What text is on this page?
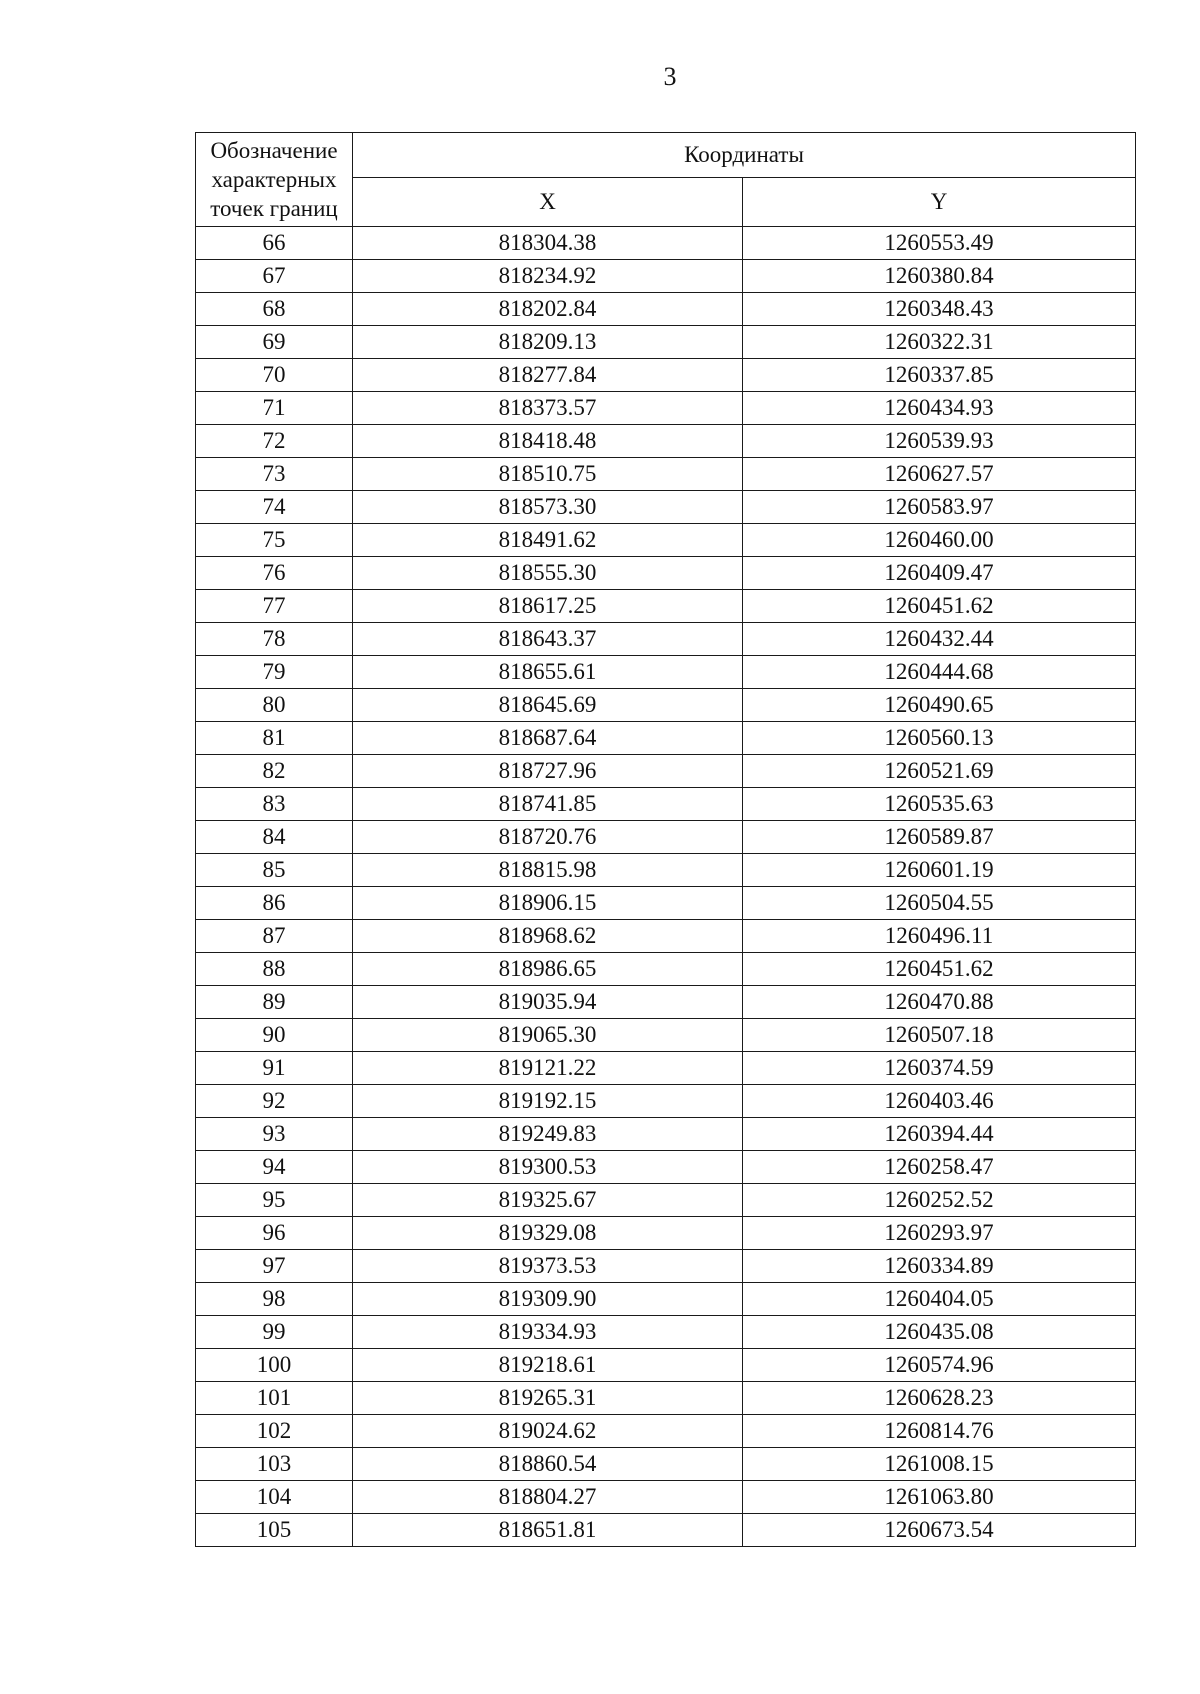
3
Обозначение характерных точек границ	Координаты	
	X	Y
66	818304.38	1260553.49
67	818234.92	1260380.84
68	818202.84	1260348.43
69	818209.13	1260322.31
70	818277.84	1260337.85
71	818373.57	1260434.93
72	818418.48	1260539.93
73	818510.75	1260627.57
74	818573.30	1260583.97
75	818491.62	1260460.00
76	818555.30	1260409.47
77	818617.25	1260451.62
78	818643.37	1260432.44
79	818655.61	1260444.68
80	818645.69	1260490.65
81	818687.64	1260560.13
82	818727.96	1260521.69
83	818741.85	1260535.63
84	818720.76	1260589.87
85	818815.98	1260601.19
86	818906.15	1260504.55
87	818968.62	1260496.11
88	818986.65	1260451.62
89	819035.94	1260470.88
90	819065.30	1260507.18
91	819121.22	1260374.59
92	819192.15	1260403.46
93	819249.83	1260394.44
94	819300.53	1260258.47
95	819325.67	1260252.52
96	819329.08	1260293.97
97	819373.53	1260334.89
98	819309.90	1260404.05
99	819334.93	1260435.08
100	819218.61	1260574.96
101	819265.31	1260628.23
102	819024.62	1260814.76
103	818860.54	1261008.15
104	818804.27	1261063.80
105	818651.81	1260673.54
